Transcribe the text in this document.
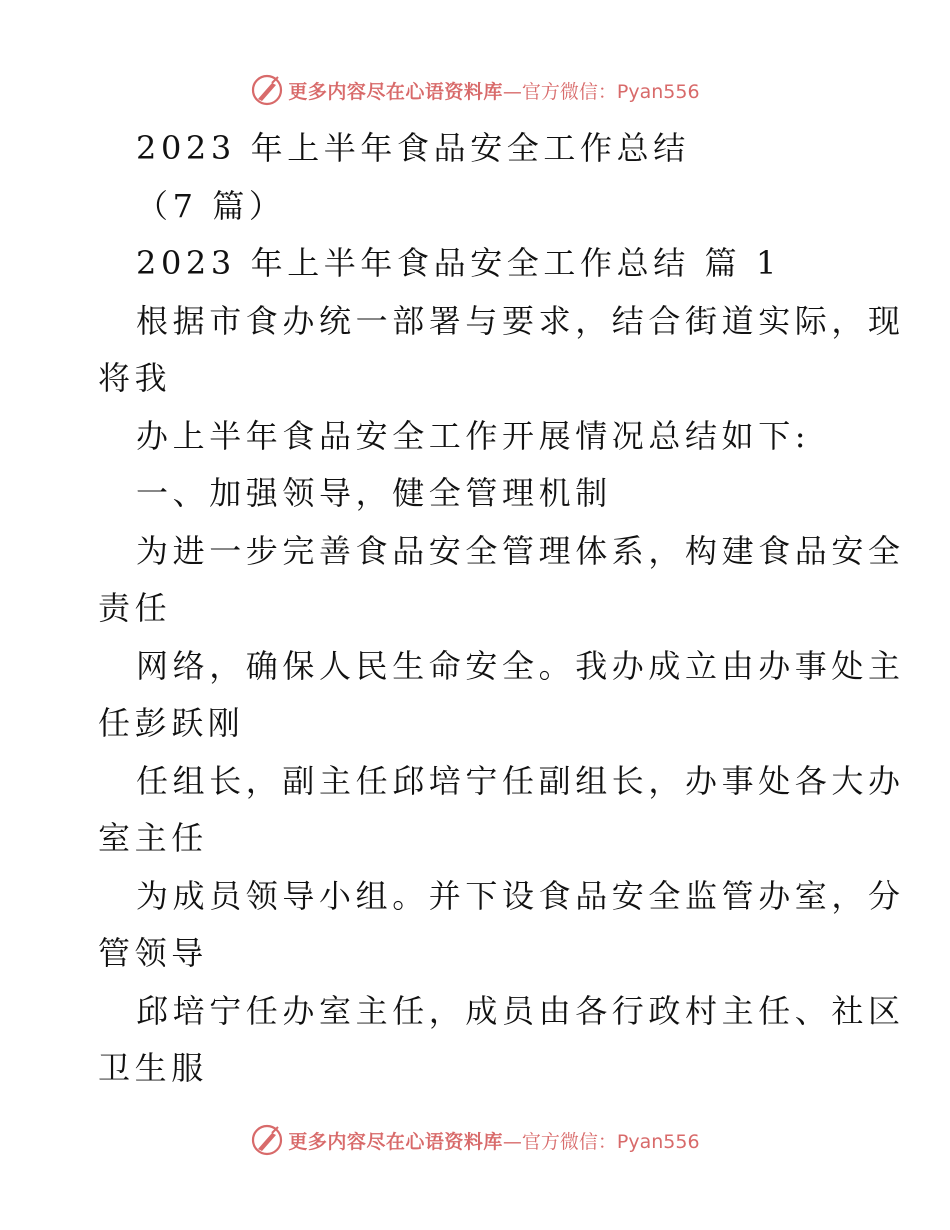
更多内容尽在心语资料库 —官方微信：Pyan556
2023 年上半年食品安全工作总结
（7 篇）
2023 年上半年食品安全工作总结 篇 1
根据市食办统一部署与要求，结合街道实际，现
将我
办上半年食品安全工作开展情况总结如下:
一、加强领导，健全管理机制
为进一步完善食品安全管理体系，构建食品安全
责任
网络，确保人民生命安全。我办成立由办事处主
任彭跃刚
任组长，副主任邱培宁任副组长，办事处各大办
室主任
为成员领导小组。并下设食品安全监管办室，分
管领导
邱培宁任办室主任，成员由各行政村主任、社区
卫生服
更多内容尽在心语资料库 —官方微信：Pyan556
